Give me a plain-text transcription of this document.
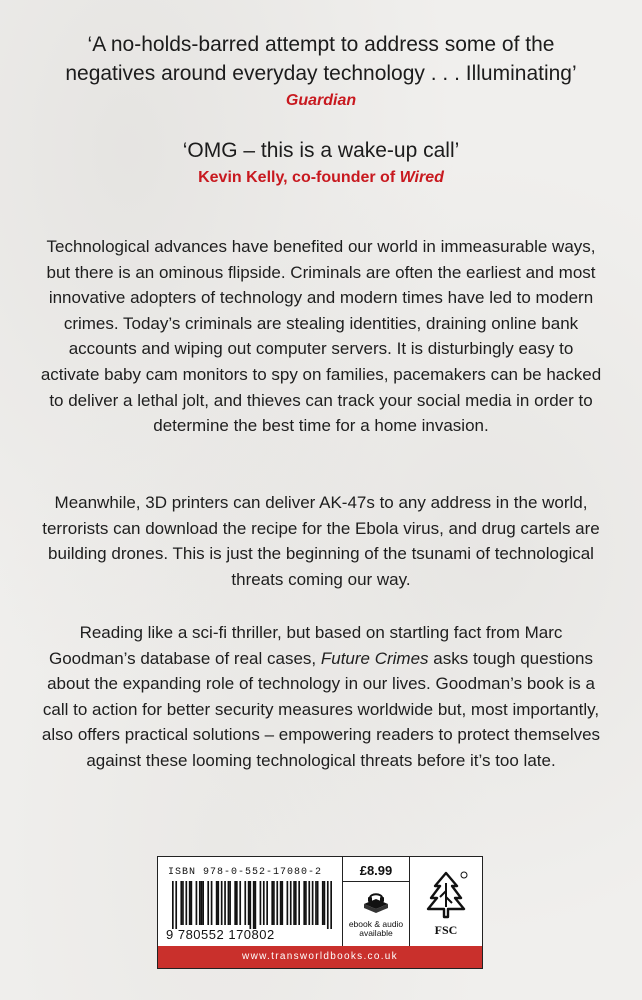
‘A no-holds-barred attempt to address some of the
negatives around everyday technology . . . Illuminating’
Guardian
‘OMG – this is a wake-up call’
Kevin Kelly, co-founder of Wired

Technological advances have benefited our world in immeasurable ways, but there is an ominous flipside. Criminals are often the earliest and most innovative adopters of technology and modern times have led to modern crimes. Today’s criminals are stealing identities, draining online bank accounts and wiping out computer servers. It is disturbingly easy to activate baby cam monitors to spy on families, pacemakers can be hacked to deliver a lethal jolt, and thieves can track your social media in order to determine the best time for a home invasion.

Meanwhile, 3D printers can deliver AK-47s to any address in the world, terrorists can download the recipe for the Ebola virus, and drug cartels are building drones. This is just the beginning of the tsunami of technological threats coming our way.

Reading like a sci-fi thriller, but based on startling fact from Marc Goodman’s database of real cases, Future Crimes asks tough questions about the expanding role of technology in our lives. Goodman’s book is a call to action for better security measures worldwide but, most importantly, also offers practical solutions – empowering readers to protect themselves against these looming technological threats before it’s too late.

ISBN 978-0-552-17080-2
9 780552 170802
£8.99
ebook & audio
available	FSC
www.transworldbooks.co.uk
